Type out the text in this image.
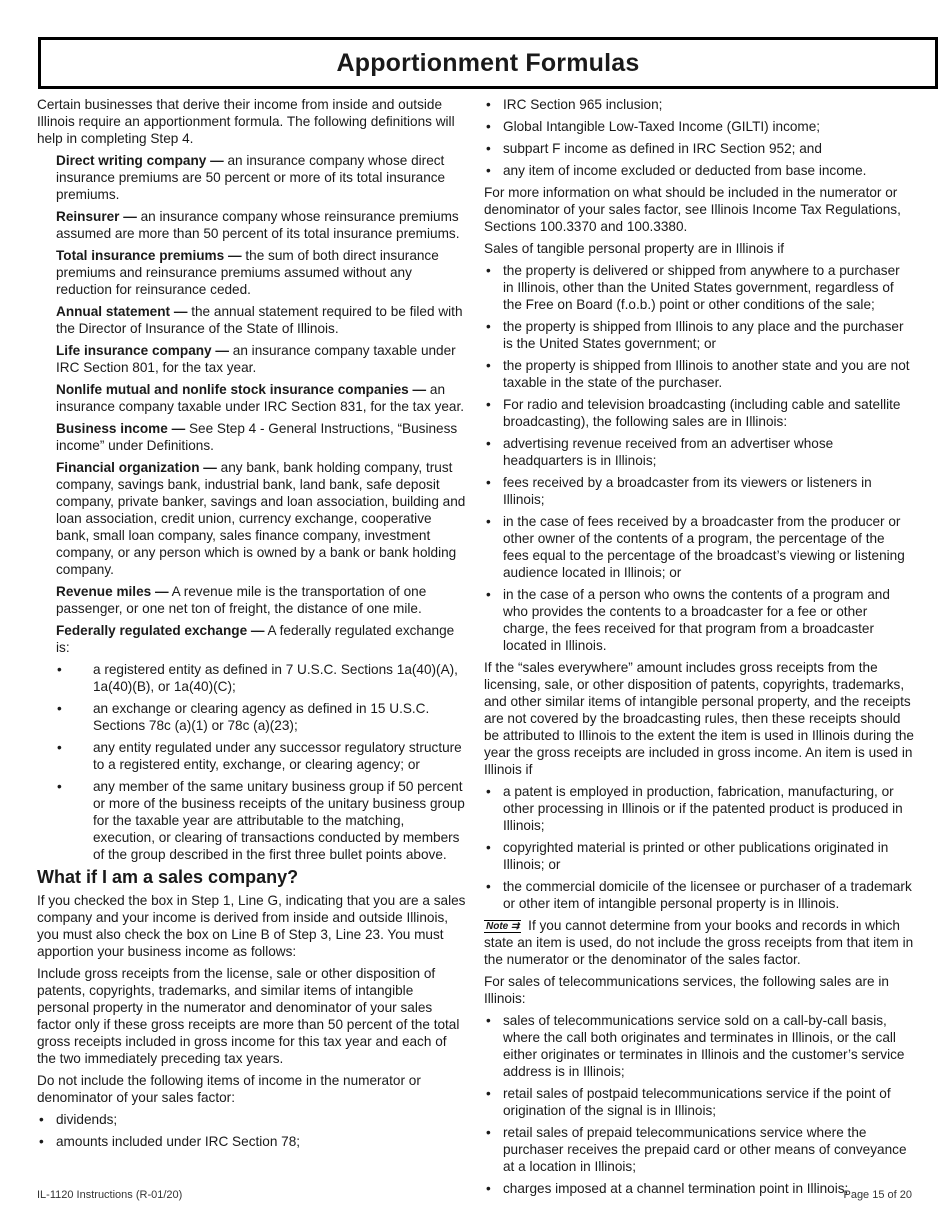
Apportionment Formulas

Certain businesses that derive their income from inside and outside Illinois require an apportionment formula. The following definitions will help in completing Step 4.

Direct writing company — an insurance company whose direct insurance premiums are 50 percent or more of its total insurance premiums.

Reinsurer — an insurance company whose reinsurance premiums assumed are more than 50 percent of its total insurance premiums.

Total insurance premiums — the sum of both direct insurance premiums and reinsurance premiums assumed without any reduction for reinsurance ceded.

Annual statement — the annual statement required to be filed with the Director of Insurance of the State of Illinois.

Life insurance company — an insurance company taxable under IRC Section 801, for the tax year.

Nonlife mutual and nonlife stock insurance companies — an insurance company taxable under IRC Section 831, for the tax year.

Business income — See Step 4 - General Instructions, “Business income” under Definitions.

Financial organization — any bank, bank holding company, trust company, savings bank, industrial bank, land bank, safe deposit company, private banker, savings and loan association, building and loan association, credit union, currency exchange, cooperative bank, small loan company, sales finance company, investment company, or any person which is owned by a bank or bank holding company.

Revenue miles — A revenue mile is the transportation of one passenger, or one net ton of freight, the distance of one mile.

Federally regulated exchange — A federally regulated exchange is:

• a registered entity as defined in 7 U.S.C. Sections 1a(40)(A), 1a(40)(B), or 1a(40)(C);
• an exchange or clearing agency as defined in 15 U.S.C. Sections 78c (a)(1) or 78c (a)(23);
• any entity regulated under any successor regulatory structure to a registered entity, exchange, or clearing agency; or
• any member of the same unitary business group if 50 percent or more of the business receipts of the unitary business group for the taxable year are attributable to the matching, execution, or clearing of transactions conducted by members of the group described in the first three bullet points above.
What if I am a sales company?

If you checked the box in Step 1, Line G, indicating that you are a sales company and your income is derived from inside and outside Illinois, you must also check the box on Line B of Step 3, Line 23. You must apportion your business income as follows:

Include gross receipts from the license, sale or other disposition of patents, copyrights, trademarks, and similar items of intangible personal property in the numerator and denominator of your sales factor only if these gross receipts are more than 50 percent of the total gross receipts included in gross income for this tax year and each of the two immediately preceding tax years.

Do not include the following items of income in the numerator or denominator of your sales factor:

• dividends;
• amounts included under IRC Section 78;
• IRC Section 965 inclusion;
• Global Intangible Low-Taxed Income (GILTI) income;
• subpart F income as defined in IRC Section 952; and
• any item of income excluded or deducted from base income.

For more information on what should be included in the numerator or denominator of your sales factor, see Illinois Income Tax Regulations, Sections 100.3370 and 100.3380.

Sales of tangible personal property are in Illinois if

• the property is delivered or shipped from anywhere to a purchaser in Illinois, other than the United States government, regardless of the Free on Board (f.o.b.) point or other conditions of the sale;
• the property is shipped from Illinois to any place and the purchaser is the United States government; or
• the property is shipped from Illinois to another state and you are not taxable in the state of the purchaser.
• For radio and television broadcasting (including cable and satellite broadcasting), the following sales are in Illinois:
• advertising revenue received from an advertiser whose headquarters is in Illinois;
• fees received by a broadcaster from its viewers or listeners in Illinois;
• in the case of fees received by a broadcaster from the producer or other owner of the contents of a program, the percentage of the fees equal to the percentage of the broadcast’s viewing or listening audience located in Illinois; or
• in the case of a person who owns the contents of a program and who provides the contents to a broadcaster for a fee or other charge, the fees received for that program from a broadcaster located in Illinois.

If the “sales everywhere” amount includes gross receipts from the licensing, sale, or other disposition of patents, copyrights, trademarks, and other similar items of intangible personal property, and the receipts are not covered by the broadcasting rules, then these receipts should be attributed to Illinois to the extent the item is used in Illinois during the year the gross receipts are included in gross income. An item is used in Illinois if

• a patent is employed in production, fabrication, manufacturing, or other processing in Illinois or if the patented product is produced in Illinois;
• copyrighted material is printed or other publications originated in Illinois; or
• the commercial domicile of the licensee or purchaser of a trademark or other item of intangible personal property is in Illinois.

Note ⇉ If you cannot determine from your books and records in which state an item is used, do not include the gross receipts from that item in the numerator or the denominator of the sales factor.

For sales of telecommunications services, the following sales are in Illinois:

• sales of telecommunications service sold on a call-by-call basis, where the call both originates and terminates in Illinois, or the call either originates or terminates in Illinois and the customer’s service address is in Illinois;
• retail sales of postpaid telecommunications service if the point of origination of the signal is in Illinois;
• retail sales of prepaid telecommunications service where the purchaser receives the prepaid card or other means of conveyance at a location in Illinois;
• charges imposed at a channel termination point in Illinois;
IL-1120 Instructions (R-01/20)	Page 15 of 20
